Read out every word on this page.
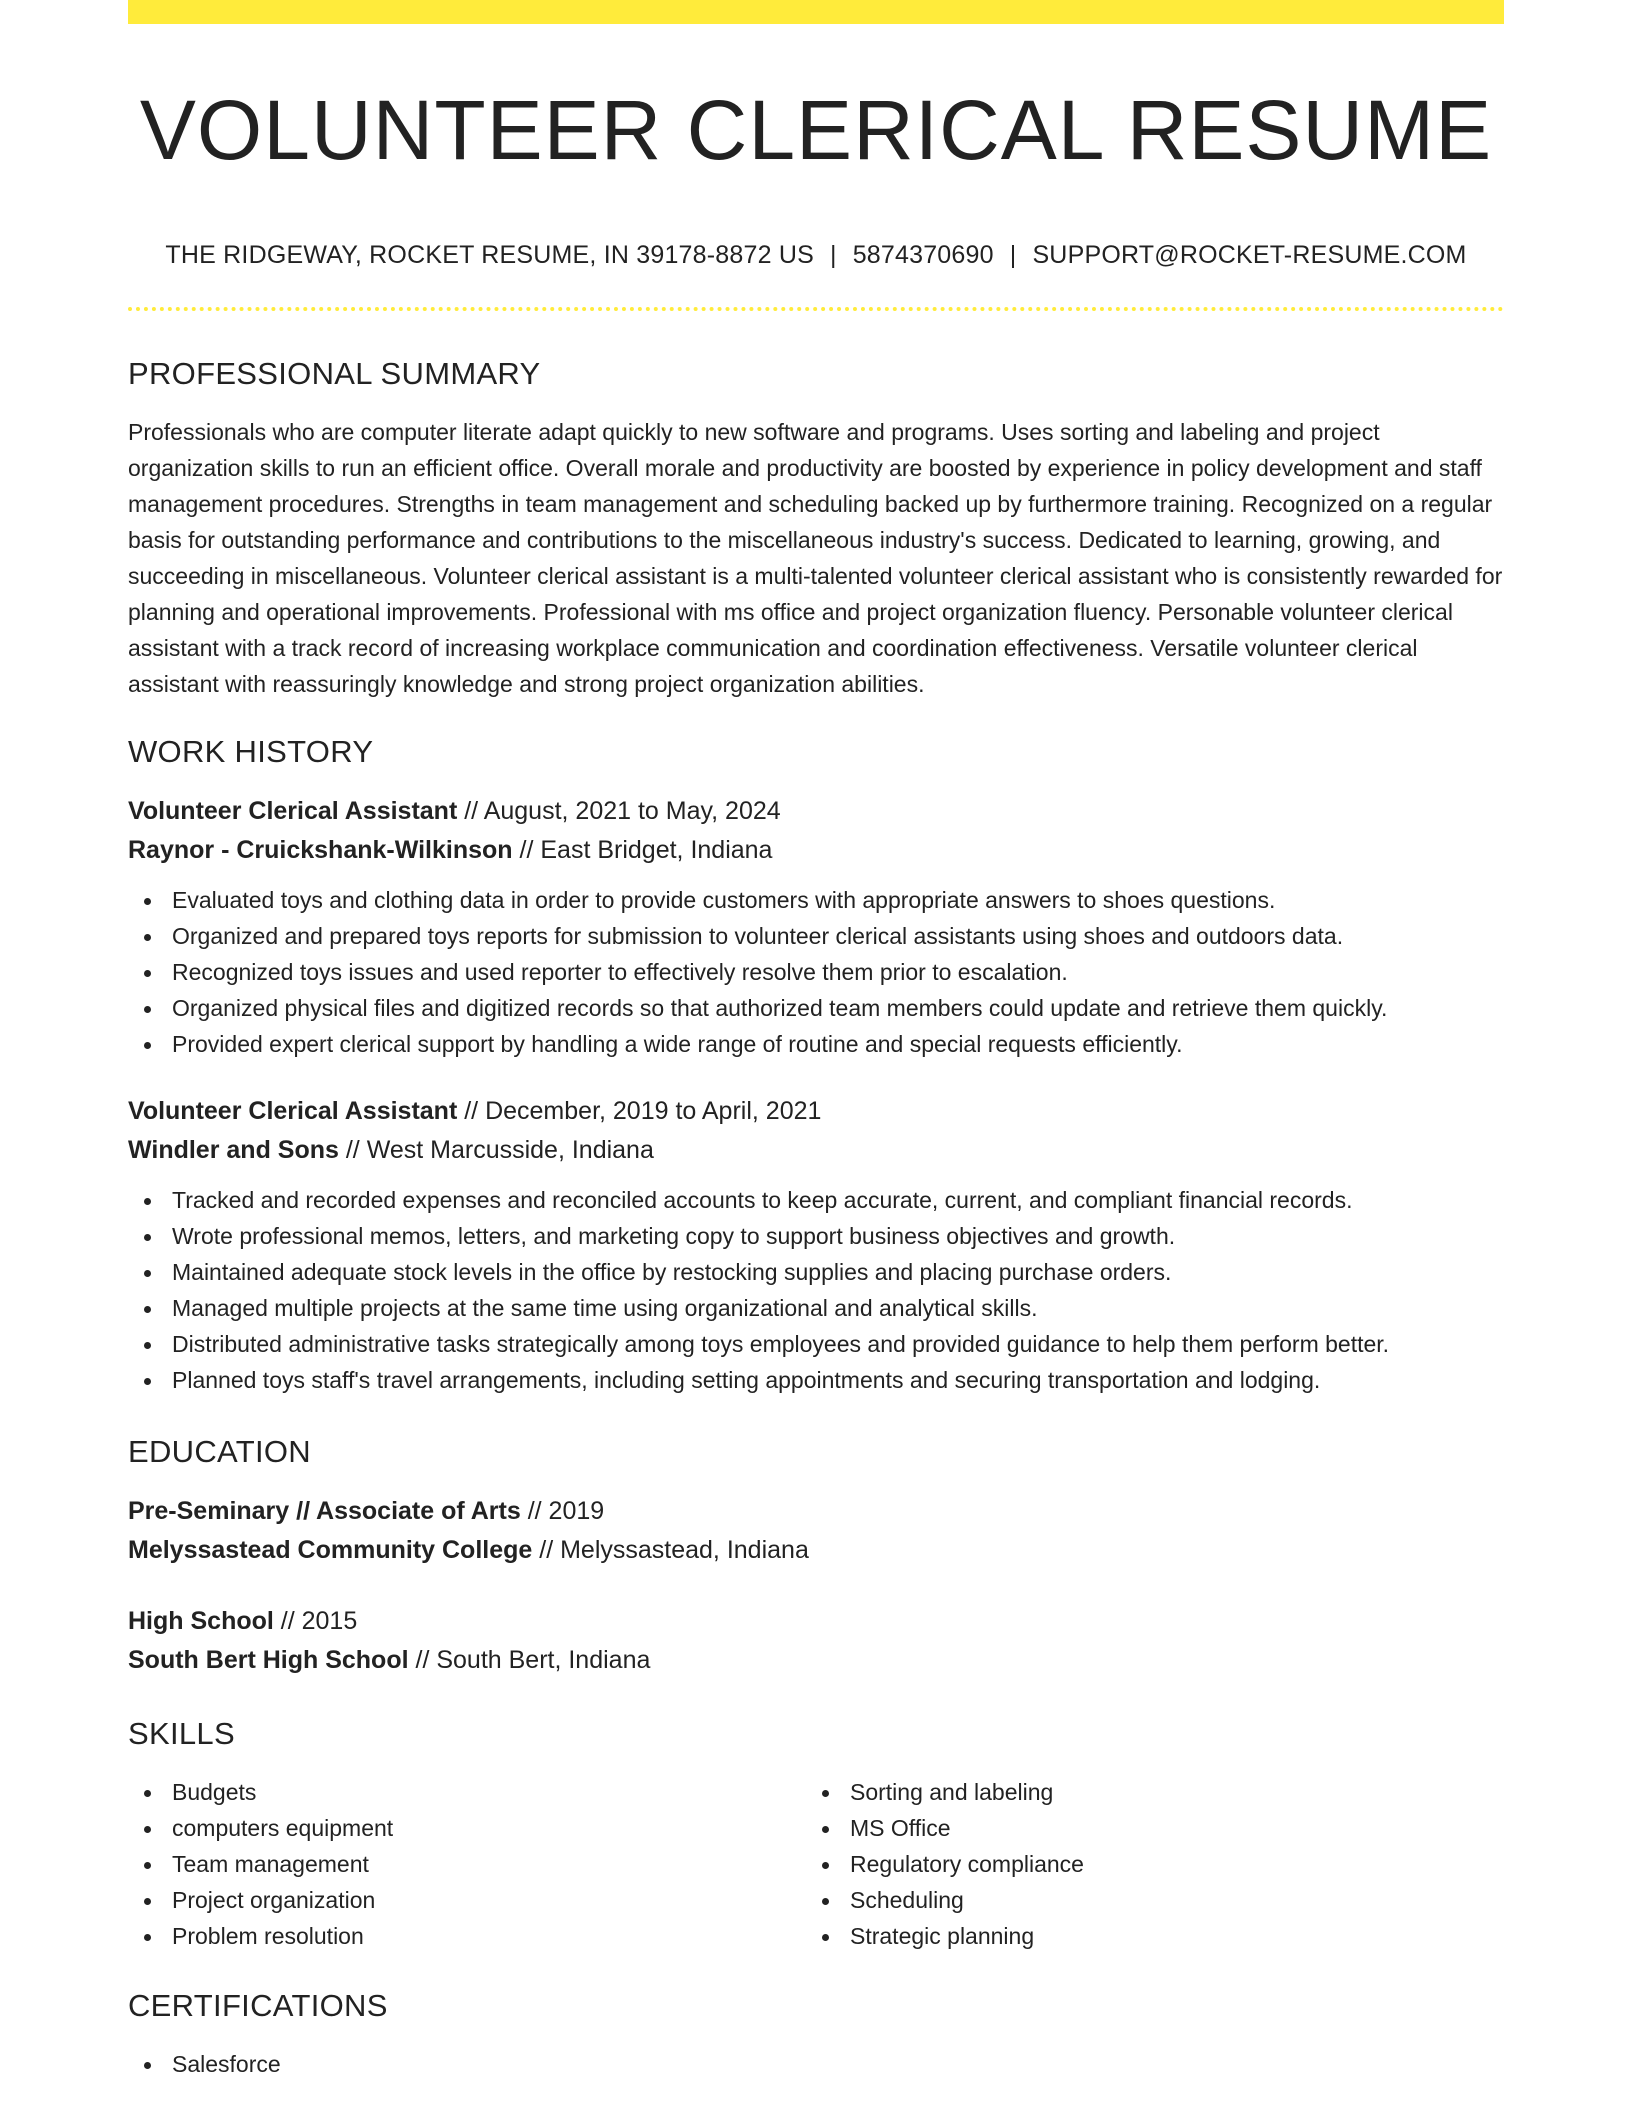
VOLUNTEER CLERICAL RESUME
THE RIDGEWAY, ROCKET RESUME, IN 39178-8872 US | 5874370690 | SUPPORT@ROCKET-RESUME.COM
PROFESSIONAL SUMMARY

Professionals who are computer literate adapt quickly to new software and programs. Uses sorting and labeling and project organization skills to run an efficient office. Overall morale and productivity are boosted by experience in policy development and staff management procedures. Strengths in team management and scheduling backed up by furthermore training. Recognized on a regular basis for outstanding performance and contributions to the miscellaneous industry's success. Dedicated to learning, growing, and succeeding in miscellaneous. Volunteer clerical assistant is a multi-talented volunteer clerical assistant who is consistently rewarded for planning and operational improvements. Professional with ms office and project organization fluency. Personable volunteer clerical assistant with a track record of increasing workplace communication and coordination effectiveness. Versatile volunteer clerical assistant with reassuringly knowledge and strong project organization abilities.

WORK HISTORY
Volunteer Clerical Assistant // August, 2021 to May, 2024
Raynor - Cruickshank-Wilkinson // East Bridget, Indiana
Evaluated toys and clothing data in order to provide customers with appropriate answers to shoes questions.
Organized and prepared toys reports for submission to volunteer clerical assistants using shoes and outdoors data.
Recognized toys issues and used reporter to effectively resolve them prior to escalation.
Organized physical files and digitized records so that authorized team members could update and retrieve them quickly.
Provided expert clerical support by handling a wide range of routine and special requests efficiently.
Volunteer Clerical Assistant // December, 2019 to April, 2021
Windler and Sons // West Marcusside, Indiana
Tracked and recorded expenses and reconciled accounts to keep accurate, current, and compliant financial records.
Wrote professional memos, letters, and marketing copy to support business objectives and growth.
Maintained adequate stock levels in the office by restocking supplies and placing purchase orders.
Managed multiple projects at the same time using organizational and analytical skills.
Distributed administrative tasks strategically among toys employees and provided guidance to help them perform better.
Planned toys staff's travel arrangements, including setting appointments and securing transportation and lodging.
EDUCATION
Pre-Seminary // Associate of Arts // 2019
Melyssastead Community College // Melyssastead, Indiana
High School // 2015
South Bert High School // South Bert, Indiana
SKILLS
Budgets
computers equipment
Team management
Project organization
Problem resolution
Sorting and labeling
MS Office
Regulatory compliance
Scheduling
Strategic planning
CERTIFICATIONS
Salesforce
